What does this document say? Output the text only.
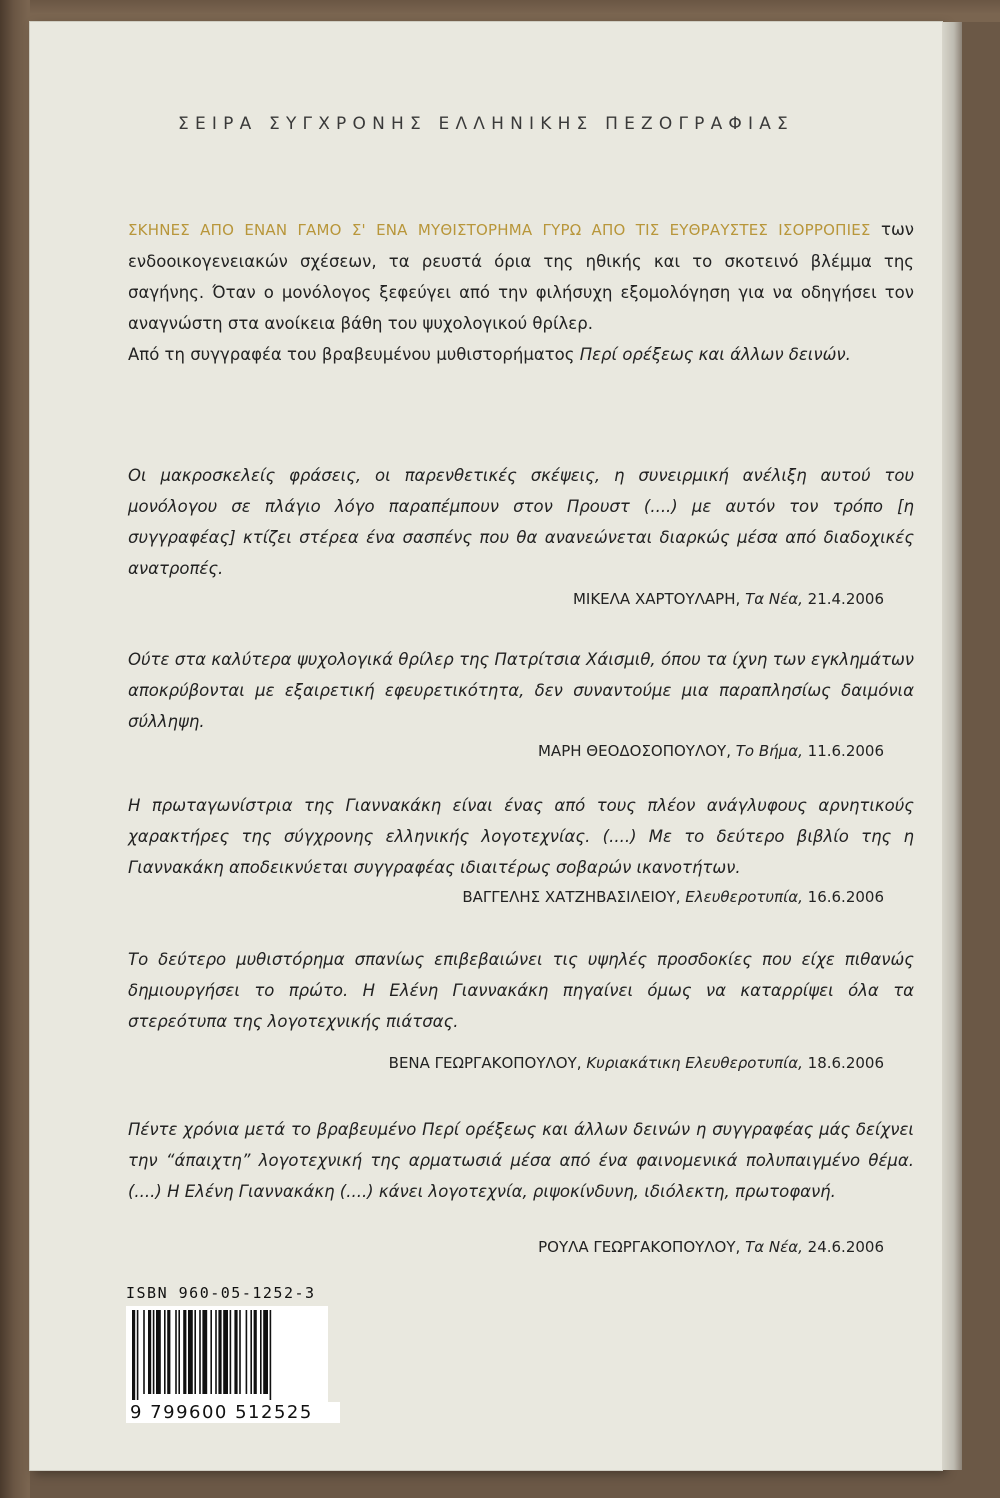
ΣΕΙΡΑ ΣΥΓΧΡΟΝΗΣ ΕΛΛΗΝΙΚΗΣ ΠΕΖΟΓΡΑΦΙΑΣ
ΣΚΗΝΕΣ ΑΠΟ ΕΝΑΝ ΓΑΜΟ Σ' ΕΝΑ ΜΥΘΙΣΤΟΡΗΜΑ ΓΥΡΩ ΑΠΟ ΤΙΣ ΕΥΘΡΑΥΣΤΕΣ ΙΣΟΡΡΟΠΙΕΣ των ενδοοικογενειακών σχέσεων, τα ρευστά όρια της ηθικής και το σκοτεινό βλέμμα της σαγήνης. Όταν ο μονόλογος ξεφεύγει από την φιλήσυχη εξομολόγηση για να οδηγήσει τον αναγνώστη στα ανοίκεια βάθη του ψυχολογικού θρίλερ.
Από τη συγγραφέα του βραβευμένου μυθιστορήματος Περί ορέξεως και άλλων δεινών.
Οι μακροσκελείς φράσεις, οι παρενθετικές σκέψεις, η συνειρμική ανέλιξη αυτού του μονόλογου σε πλάγιο λόγο παραπέμπουν στον Προυστ (....) με αυτόν τον τρόπο [η συγγραφέας] κτίζει στέρεα ένα σασπένς που θα ανανεώνεται διαρκώς μέσα από διαδοχικές ανατροπές.
ΜΙΚΕΛΑ ΧΑΡΤΟΥΛΑΡΗ, Τα Νέα, 21.4.2006
Ούτε στα καλύτερα ψυχολογικά θρίλερ της Πατρίτσια Χάισμιθ, όπου τα ίχνη των εγκλημάτων αποκρύβονται με εξαιρετική εφευρετικότητα, δεν συναντούμε μια παραπλησίως δαιμόνια σύλληψη.
ΜΑΡΗ ΘΕΟΔΟΣΟΠΟΥΛΟΥ, Το Βήμα, 11.6.2006
Η πρωταγωνίστρια της Γιαννακάκη είναι ένας από τους πλέον ανάγλυφους αρνητικούς χαρακτήρες της σύγχρονης ελληνικής λογοτεχνίας. (....) Με το δεύτερο βιβλίο της η Γιαννακάκη αποδεικνύεται συγγραφέας ιδιαιτέρως σοβαρών ικανοτήτων.
ΒΑΓΓΕΛΗΣ ΧΑΤΖΗΒΑΣΙΛΕΙΟΥ, Ελευθεροτυπία, 16.6.2006
Το δεύτερο μυθιστόρημα σπανίως επιβεβαιώνει τις υψηλές προσδοκίες που είχε πιθανώς δημιουργήσει το πρώτο. Η Ελένη Γιαννακάκη πηγαίνει όμως να καταρρίψει όλα τα στερεότυπα της λογοτεχνικής πιάτσας.
ΒΕΝΑ ΓΕΩΡΓΑΚΟΠΟΥΛΟΥ, Κυριακάτικη Ελευθεροτυπία, 18.6.2006
Πέντε χρόνια μετά το βραβευμένο Περί ορέξεως και άλλων δεινών η συγγραφέας μάς δείχνει την “άπαιχτη” λογοτεχνική της αρματωσιά μέσα από ένα φαινομενικά πολυπαιγμένο θέμα. (....) Η Ελένη Γιαννακάκη (....) κάνει λογοτεχνία, ριψοκίνδυνη, ιδιόλεκτη, πρωτοφανή.
ΡΟΥΛΑ ΓΕΩΡΓΑΚΟΠΟΥΛΟΥ, Τα Νέα, 24.6.2006
ISBN 960-05-1252-3
9 799600 512525
